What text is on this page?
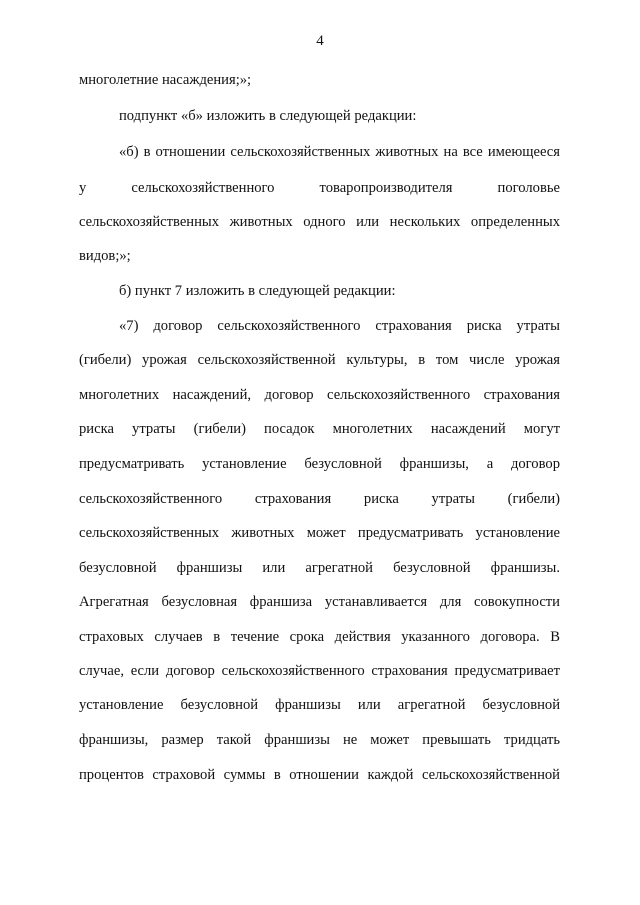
4
многолетние насаждения;»;
подпункт «б» изложить в следующей редакции:
«б) в отношении сельскохозяйственных животных на все имеющееся
у сельскохозяйственного товаропроизводителя поголовье
сельскохозяйственных животных одного или нескольких определенных
видов;»;
б) пункт 7 изложить в следующей редакции:
«7) договор сельскохозяйственного страхования риска утраты
(гибели) урожая сельскохозяйственной культуры, в том числе урожая
многолетних насаждений, договор сельскохозяйственного страхования
риска утраты (гибели) посадок многолетних насаждений могут
предусматривать установление безусловной франшизы, а договор
сельскохозяйственного страхования риска утраты (гибели)
сельскохозяйственных животных может предусматривать установление
безусловной франшизы или агрегатной безусловной франшизы.
Агрегатная безусловная франшиза устанавливается для совокупности
страховых случаев в течение срока действия указанного договора. В
случае, если договор сельскохозяйственного страхования предусматривает
установление безусловной франшизы или агрегатной безусловной
франшизы, размер такой франшизы не может превышать тридцать
процентов страховой суммы в отношении каждой сельскохозяйственной
